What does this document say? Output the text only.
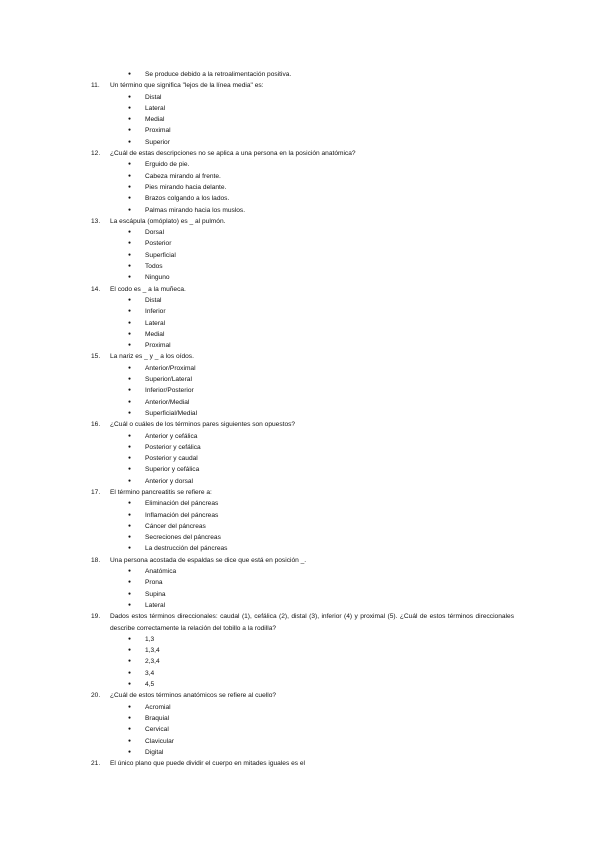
● Se produce debido a la retroalimentación positiva.
11. Un término que significa "lejos de la línea media" es:
● Distal
● Lateral
● Medial
● Proximal
● Superior
12. ¿Cuál de estas descripciones no se aplica a una persona en la posición anatómica?
● Erguido de pie.
● Cabeza mirando al frente.
● Pies mirando hacia delante.
● Brazos colgando a los lados.
● Palmas mirando hacia los muslos.
13. La escápula (omóplato) es _ al pulmón.
● Dorsal
● Posterior
● Superficial
● Todos
● Ninguno
14. El codo es _ a la muñeca.
● Distal
● Inferior
● Lateral
● Medial
● Proximal
15. La nariz es _ y _ a los oídos.
● Anterior/Proximal
● Superior/Lateral
● Inferior/Posterior
● Anterior/Medial
● Superficial/Medial
16. ¿Cuál o cuáles de los términos pares siguientes son opuestos?
● Anterior y cefálica
● Posterior y cefálica
● Posterior y caudal
● Superior y cefálica
● Anterior y dorsal
17. El término pancreatitis se refiere a:
● Eliminación del páncreas
● Inflamación del páncreas
● Cáncer del páncreas
● Secreciones del páncreas
● La destrucción del páncreas
18. Una persona acostada de espaldas se dice que está en posición _.
● Anatómica
● Prona
● Supina
● Lateral
19. Dados estos términos direccionales: caudal (1), cefálica (2), distal (3), inferior (4) y proximal (5). ¿Cuál de estos términos direccionales describe correctamente la relación del tobillo a la rodilla?
● 1,3
● 1,3,4
● 2,3,4
● 3,4
● 4,5
20. ¿Cuál de estos términos anatómicos se refiere al cuello?
● Acromial
● Braquial
● Cervical
● Clavicular
● Digital
21. El único plano que puede dividir el cuerpo en mitades iguales es el
